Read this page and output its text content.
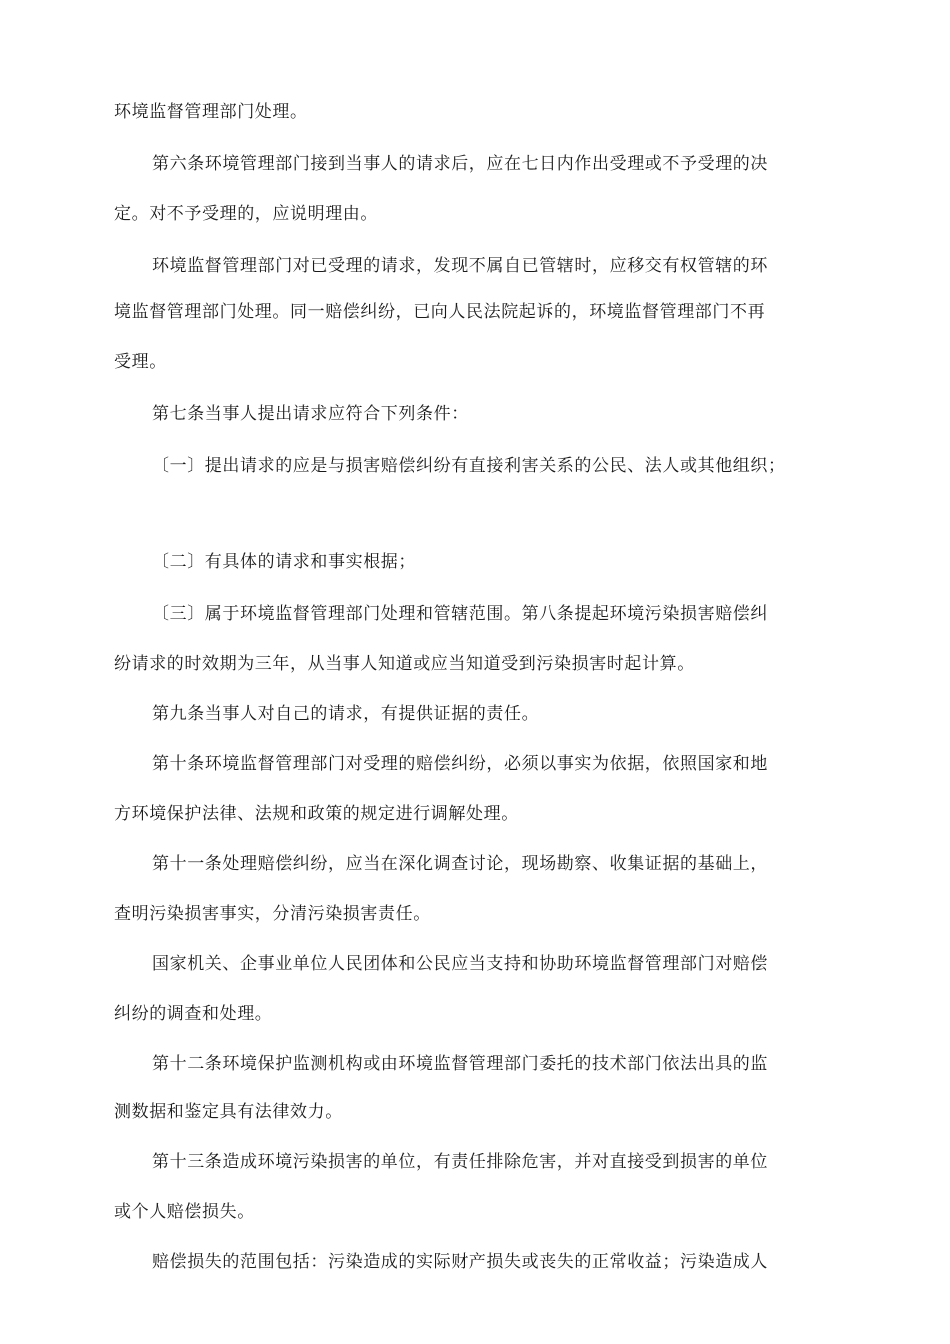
环境监督管理部门处理。
第六条环境管理部门接到当事人的请求后，应在七日内作出受理或不予受理的决
定。对不予受理的，应说明理由。
环境监督管理部门对已受理的请求，发现不属自已管辖时，应移交有权管辖的环
境监督管理部门处理。同一赔偿纠纷，已向人民法院起诉的，环境监督管理部门不再
受理。
第七条当事人提出请求应符合下列条件：
〔一〕提出请求的应是与损害赔偿纠纷有直接利害关系的公民、法人或其他组织；
〔二〕有具体的请求和事实根据；
〔三〕属于环境监督管理部门处理和管辖范围。第八条提起环境污染损害赔偿纠
纷请求的时效期为三年，从当事人知道或应当知道受到污染损害时起计算。
第九条当事人对自己的请求，有提供证据的责任。
第十条环境监督管理部门对受理的赔偿纠纷，必须以事实为依据，依照国家和地
方环境保护法律、法规和政策的规定进行调解处理。
第十一条处理赔偿纠纷，应当在深化调查讨论，现场勘察、收集证据的基础上，
查明污染损害事实，分清污染损害责任。
国家机关、企事业单位人民团体和公民应当支持和协助环境监督管理部门对赔偿
纠纷的调查和处理。
第十二条环境保护监测机构或由环境监督管理部门委托的技术部门依法出具的监
测数据和鉴定具有法律效力。
第十三条造成环境污染损害的单位，有责任排除危害，并对直接受到损害的单位
或个人赔偿损失。
赔偿损失的范围包括：污染造成的实际财产损失或丧失的正常收益；污染造成人
